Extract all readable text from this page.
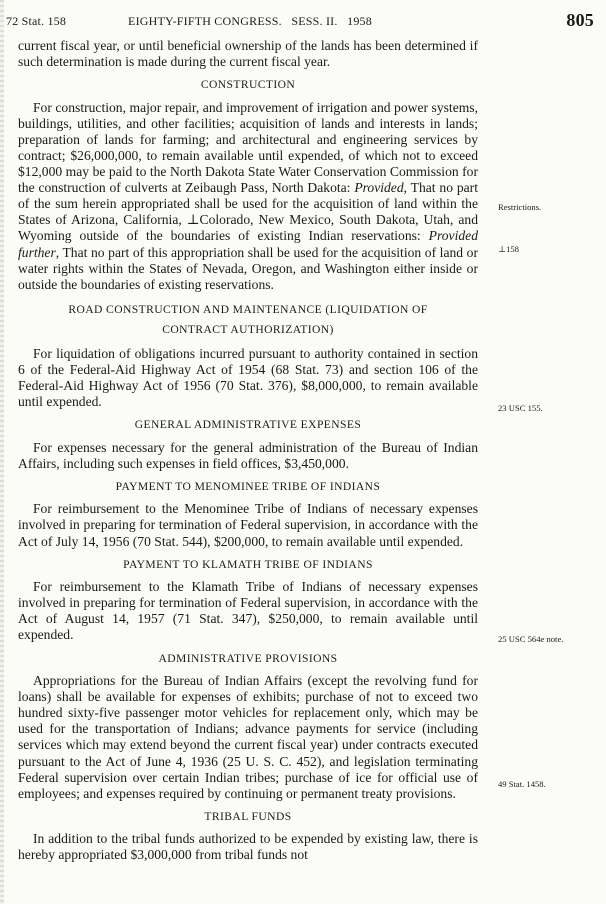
72 Stat. 158	EIGHTY-FIFTH CONGRESS.   SESS. II.   1958	805

current fiscal year, or until beneficial ownership of the lands has been determined if such determination is made during the current fiscal year.

CONSTRUCTION

For construction, major repair, and improvement of irrigation and power systems, buildings, utilities, and other facilities; acquisition of lands and interests in lands; preparation of lands for farming; and architectural and engineering services by contract; $26,000,000, to remain available until expended, of which not to exceed $12,000 may be paid to the North Dakota State Water Conservation Commission for the construction of culverts at Zeibaugh Pass, North Dakota: Provided, That no part of the sum herein appropriated shall be used for the acquisition of land within the States of Arizona, California, ⊥Colorado, New Mexico, South Dakota, Utah, and Wyoming outside of the boundaries of existing Indian reservations: Provided further, That no part of this appropriation shall be used for the acquisition of land or water rights within the States of Nevada, Oregon, and Washington either inside or outside the boundaries of existing reservations.

ROAD CONSTRUCTION AND MAINTENANCE (LIQUIDATION OF
CONTRACT AUTHORIZATION)

For liquidation of obligations incurred pursuant to authority contained in section 6 of the Federal-Aid Highway Act of 1954 (68 Stat. 73) and section 106 of the Federal-Aid Highway Act of 1956 (70 Stat. 376), $8,000,000, to remain available until expended.

GENERAL ADMINISTRATIVE EXPENSES

For expenses necessary for the general administration of the Bureau of Indian Affairs, including such expenses in field offices, $3,450,000.

PAYMENT TO MENOMINEE TRIBE OF INDIANS

For reimbursement to the Menominee Tribe of Indians of necessary expenses involved in preparing for termination of Federal supervision, in accordance with the Act of July 14, 1956 (70 Stat. 544), $200,000, to remain available until expended.

PAYMENT TO KLAMATH TRIBE OF INDIANS

For reimbursement to the Klamath Tribe of Indians of necessary expenses involved in preparing for termination of Federal supervision, in accordance with the Act of August 14, 1957 (71 Stat. 347), $250,000, to remain available until expended.

ADMINISTRATIVE PROVISIONS

Appropriations for the Bureau of Indian Affairs (except the revolving fund for loans) shall be available for expenses of exhibits; purchase of not to exceed two hundred sixty-five passenger motor vehicles for replacement only, which may be used for the transportation of Indians; advance payments for service (including services which may extend beyond the current fiscal year) under contracts executed pursuant to the Act of June 4, 1936 (25 U. S. C. 452), and legislation terminating Federal supervision over certain Indian tribes; purchase of ice for official use of employees; and expenses required by continuing or permanent treaty provisions.

TRIBAL FUNDS

In addition to the tribal funds authorized to be expended by existing law, there is hereby appropriated $3,000,000 from tribal funds not

Restrictions.
⊥158
23 USC 155.
25 USC 564e note.
49 Stat. 1458.
